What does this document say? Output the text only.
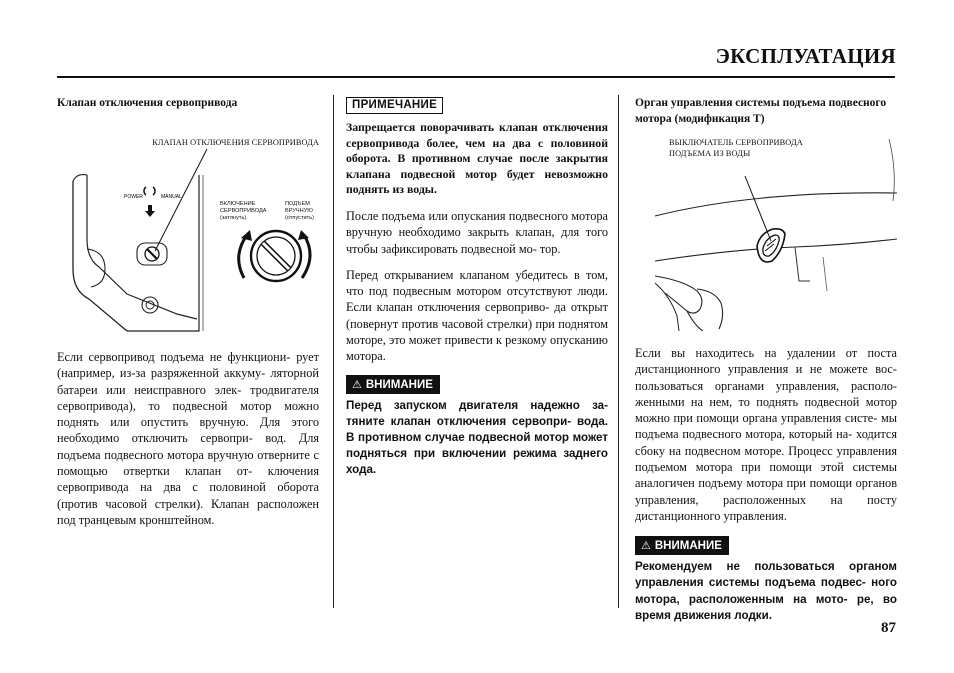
ЭКСПЛУАТАЦИЯ

Клапан отключения сервопривода

КЛАПАН ОТКЛЮЧЕНИЯ СЕРВОПРИВОДА
POWER	MANUAL
ВКЛЮЧЕНИЕ
СЕРВОПРИВОДА
(затянуть)
ПОДЪЕМ
ВРУЧНУЮ
(отпустить)

Если сервопривод подъема не функциони- рует (например, из-за разряженной аккуму- ляторной батареи или неисправного элек- тродвигателя сервопривода), то подвесной мотор можно поднять или опустить вручную. Для этого необходимо отключить сервопри- вод. Для подъема подвесного мотора вручную отверните с помощью отвертки клапан от- ключения сервопривода на два с половиной оборота (против часовой стрелки). Клапан расположен под транцевым кронштейном.

ПРИМЕЧАНИЕ

Запрещается поворачивать клапан отключения сервопривода более, чем на два с половиной оборота. В противном случае после закрытия клапана подвесной мотор будет невозможно поднять из воды.

После подъема или опускания подвесного мотора вручную необходимо закрыть клапан, для того чтобы зафиксировать подвесной мо- тор.

Перед открыванием клапаном убедитесь в том, что под подвесным мотором отсутствуют люди. Если клапан отключения сервоприво- да открыт (повернут против часовой стрелки) при поднятом моторе, это может привести к резкому опусканию мотора.

⚠ ВНИМАНИЕ

Перед запуском двигателя надежно за- тяните клапан отключения сервопри- вода. В противном случае подвесной мотор может подняться при включении режима заднего хода.

Орган управления системы подъема подвесного мотора (модификация T)

ВЫКЛЮЧАТЕЛЬ СЕРВОПРИВОДА
ПОДЪЕМА ИЗ ВОДЫ

Если вы находитесь на удалении от поста дистанционного управления и не можете вос- пользоваться органами управления, располо- женными на нем, то поднять подвесной мотор можно при помощи органа управления систе- мы подъема подвесного мотора, который на- ходится сбоку на подвесном моторе. Процесс управления подъемом мотора при помощи этой системы аналогичен подъему мотора при помощи органов управления, расположенных на посту дистанционного управления.

⚠ ВНИМАНИЕ

Рекомендуем не пользоваться органом управления системы подъема подвес- ного мотора, расположенным на мото- ре, во время движения лодки.

87
